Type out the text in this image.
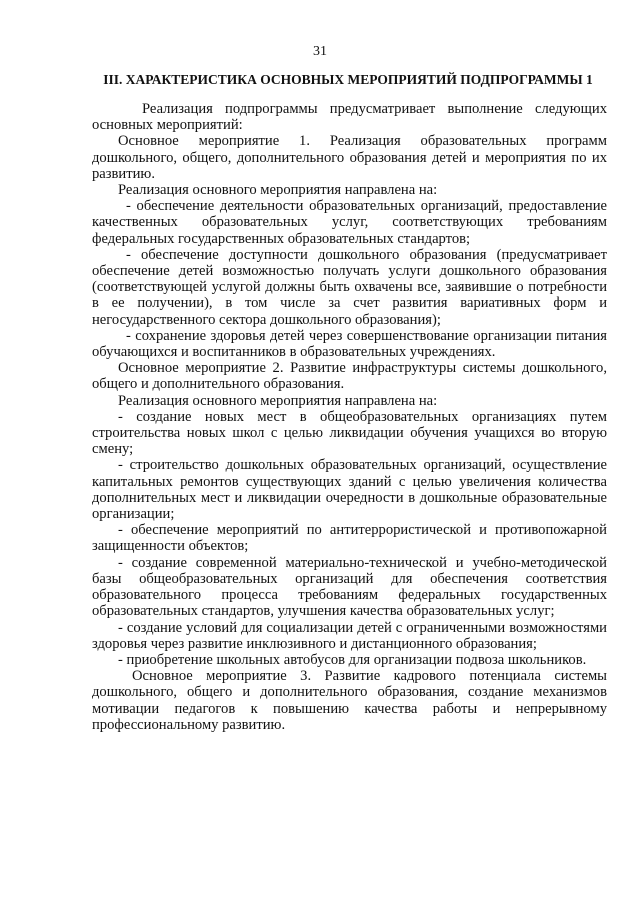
31
III. ХАРАКТЕРИСТИКА ОСНОВНЫХ МЕРОПРИЯТИЙ ПОДПРОГРАММЫ 1

Реализация подпрограммы предусматривает выполнение следующих основных мероприятий:

Основное мероприятие 1. Реализация образовательных программ дошкольного, общего, дополнительного образования детей и мероприятия по их развитию.

Реализация основного мероприятия направлена на:

- обеспечение деятельности образовательных организаций, предоставление качественных образовательных услуг, соответствующих требованиям федеральных государственных образовательных стандартов;

- обеспечение доступности дошкольного образования (предусматривает обеспечение детей возможностью получать услуги дошкольного образования (соответствующей услугой должны быть охвачены все, заявившие о потребности в ее получении), в том числе за счет развития вариативных форм и негосударственного сектора дошкольного образования);

- сохранение здоровья детей через совершенствование организации питания обучающихся и воспитанников в образовательных учреждениях.

Основное мероприятие 2. Развитие инфраструктуры системы дошкольного, общего и дополнительного образования.

Реализация основного мероприятия направлена на:

- создание новых мест в общеобразовательных организациях путем строительства новых школ с целью ликвидации обучения учащихся во вторую смену;

- строительство дошкольных образовательных организаций, осуществление капитальных ремонтов существующих зданий с целью увеличения количества дополнительных мест и ликвидации очередности в дошкольные образовательные организации;

- обеспечение мероприятий по антитеррористической и противопожарной защищенности объектов;

- создание современной материально-технической и учебно-методической базы общеобразовательных организаций для обеспечения соответствия образовательного процесса требованиям федеральных государственных образовательных стандартов, улучшения качества образовательных услуг;

- создание условий для социализации детей с ограниченными возможностями здоровья через развитие инклюзивного и дистанционного образования;

- приобретение школьных автобусов для организации подвоза школьников.

Основное мероприятие 3. Развитие кадрового потенциала системы дошкольного, общего и дополнительного образования, создание механизмов мотивации педагогов к повышению качества работы и непрерывному профессиональному развитию.
